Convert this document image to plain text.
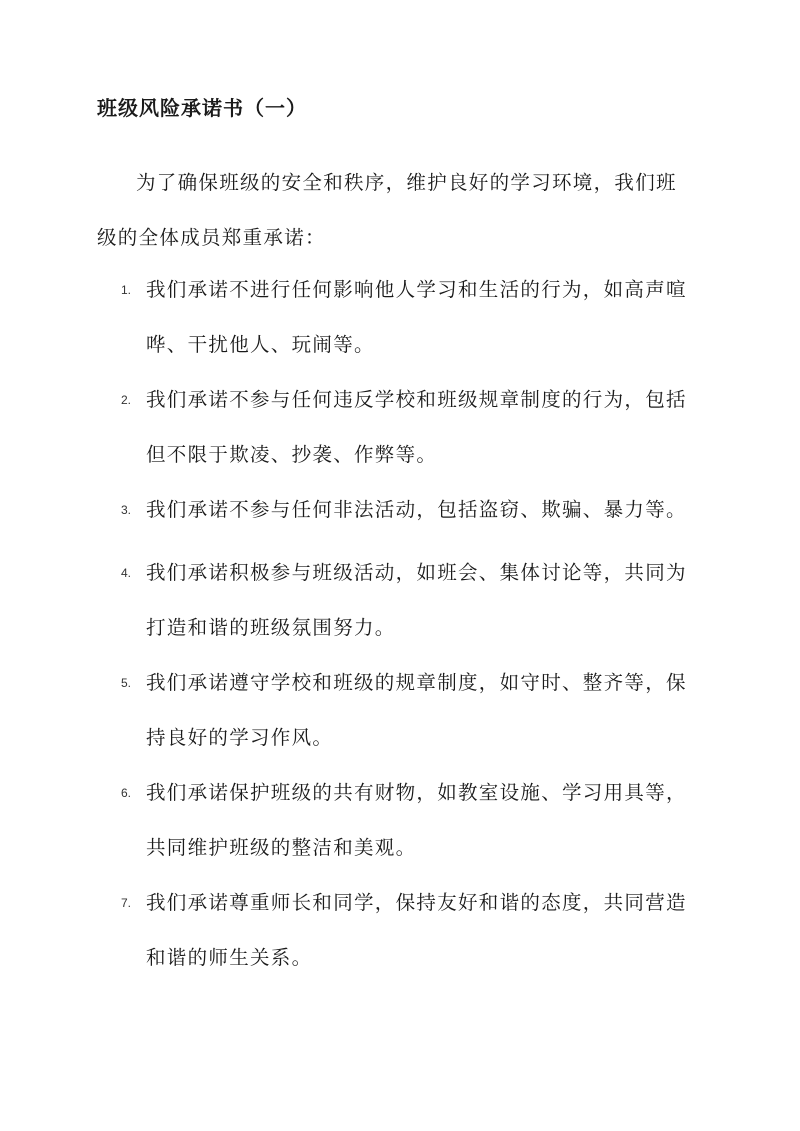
班级风险承诺书（一）
为了确保班级的安全和秩序，维护良好的学习环境，我们班级的全体成员郑重承诺：
1. 我们承诺不进行任何影响他人学习和生活的行为，如高声喧哗、干扰他人、玩闹等。
2. 我们承诺不参与任何违反学校和班级规章制度的行为，包括但不限于欺凌、抄袭、作弊等。
3. 我们承诺不参与任何非法活动，包括盗窃、欺骗、暴力等。
4. 我们承诺积极参与班级活动，如班会、集体讨论等，共同为打造和谐的班级氛围努力。
5. 我们承诺遵守学校和班级的规章制度，如守时、整齐等，保持良好的学习作风。
6. 我们承诺保护班级的共有财物，如教室设施、学习用具等，共同维护班级的整洁和美观。
7. 我们承诺尊重师长和同学，保持友好和谐的态度，共同营造和谐的师生关系。
